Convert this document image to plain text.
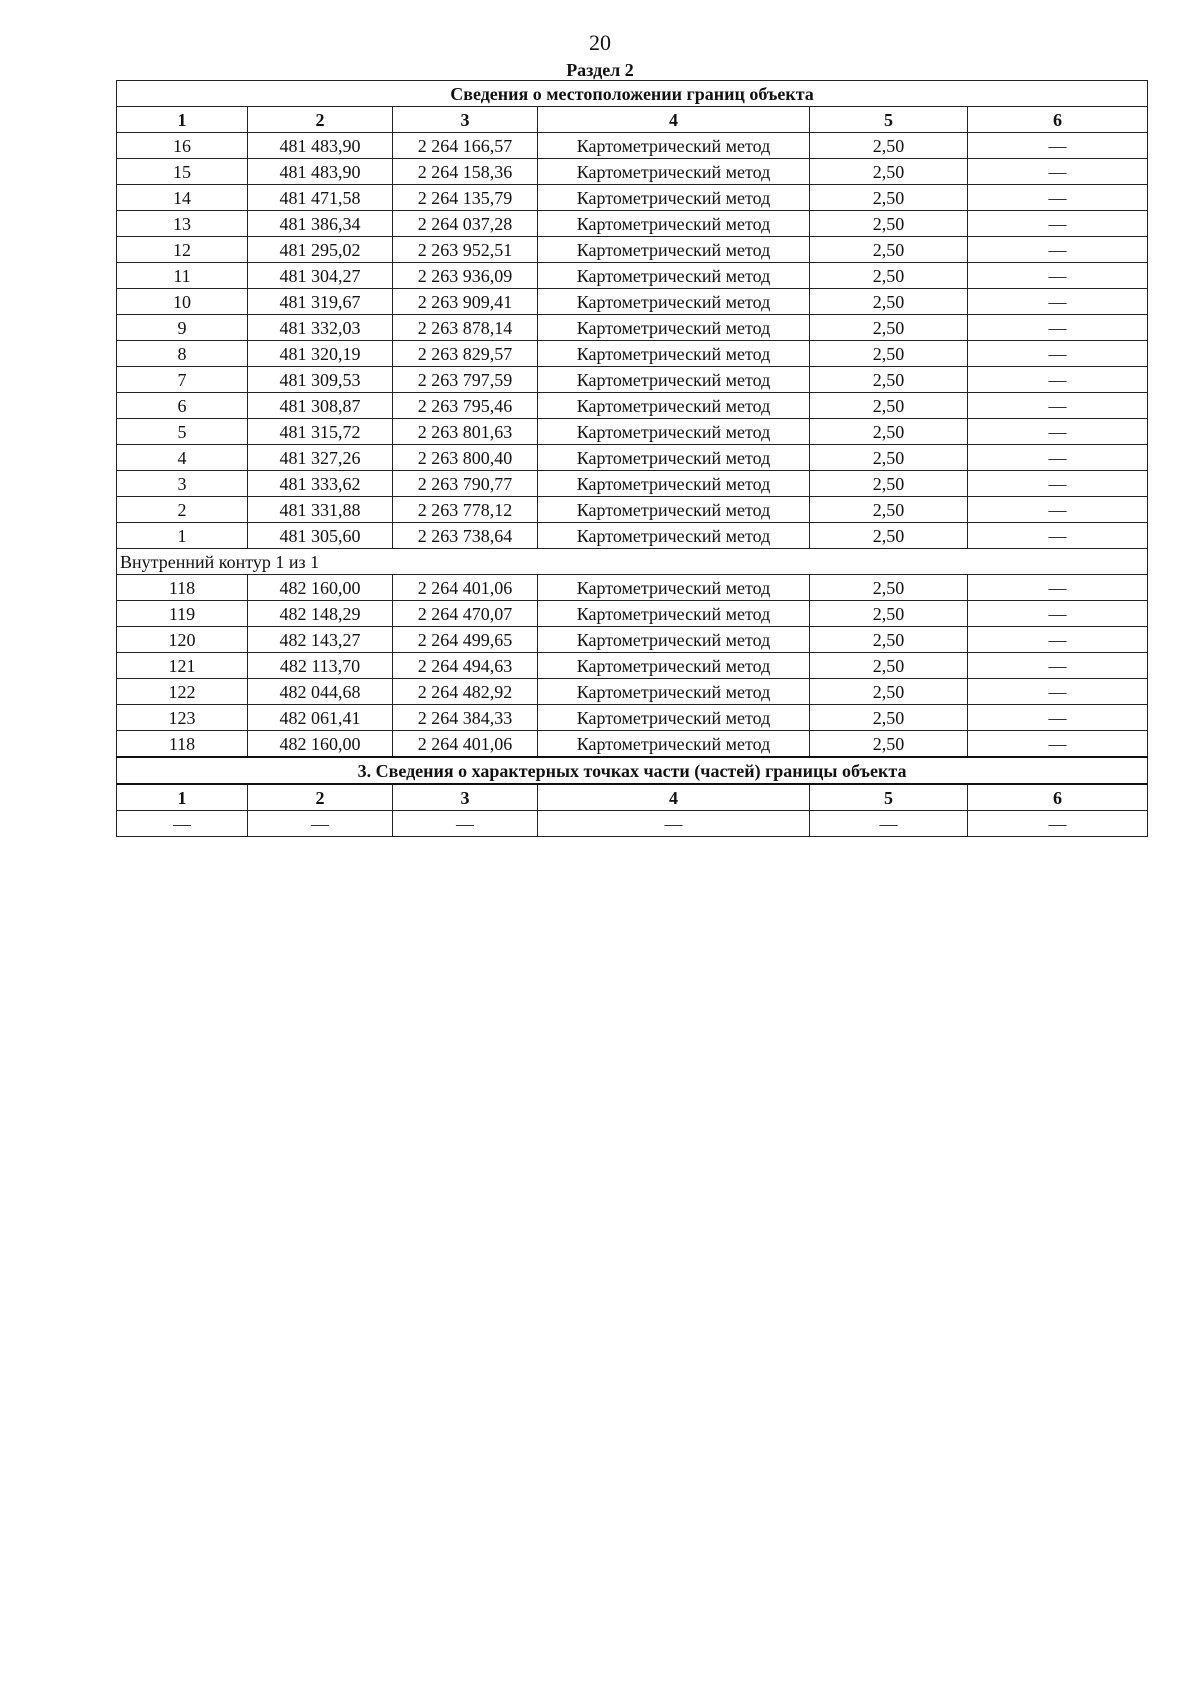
20
Раздел 2
Сведения о местоположении границ объекта					
1	2	3	4	5	6
16	481 483,90	2 264 166,57	Картометрический метод	2,50	—
15	481 483,90	2 264 158,36	Картометрический метод	2,50	—
14	481 471,58	2 264 135,79	Картометрический метод	2,50	—
13	481 386,34	2 264 037,28	Картометрический метод	2,50	—
12	481 295,02	2 263 952,51	Картометрический метод	2,50	—
11	481 304,27	2 263 936,09	Картометрический метод	2,50	—
10	481 319,67	2 263 909,41	Картометрический метод	2,50	—
9	481 332,03	2 263 878,14	Картометрический метод	2,50	—
8	481 320,19	2 263 829,57	Картометрический метод	2,50	—
7	481 309,53	2 263 797,59	Картометрический метод	2,50	—
6	481 308,87	2 263 795,46	Картометрический метод	2,50	—
5	481 315,72	2 263 801,63	Картометрический метод	2,50	—
4	481 327,26	2 263 800,40	Картометрический метод	2,50	—
3	481 333,62	2 263 790,77	Картометрический метод	2,50	—
2	481 331,88	2 263 778,12	Картометрический метод	2,50	—
1	481 305,60	2 263 738,64	Картометрический метод	2,50	—
Внутренний контур 1 из 1					
118	482 160,00	2 264 401,06	Картометрический метод	2,50	—
119	482 148,29	2 264 470,07	Картометрический метод	2,50	—
120	482 143,27	2 264 499,65	Картометрический метод	2,50	—
121	482 113,70	2 264 494,63	Картометрический метод	2,50	—
122	482 044,68	2 264 482,92	Картометрический метод	2,50	—
123	482 061,41	2 264 384,33	Картометрический метод	2,50	—
118	482 160,00	2 264 401,06	Картометрический метод	2,50	—
3. Сведения о характерных точках части (частей) границы объекта					
1	2	3	4	5	6
—	—	—	—	—	—
